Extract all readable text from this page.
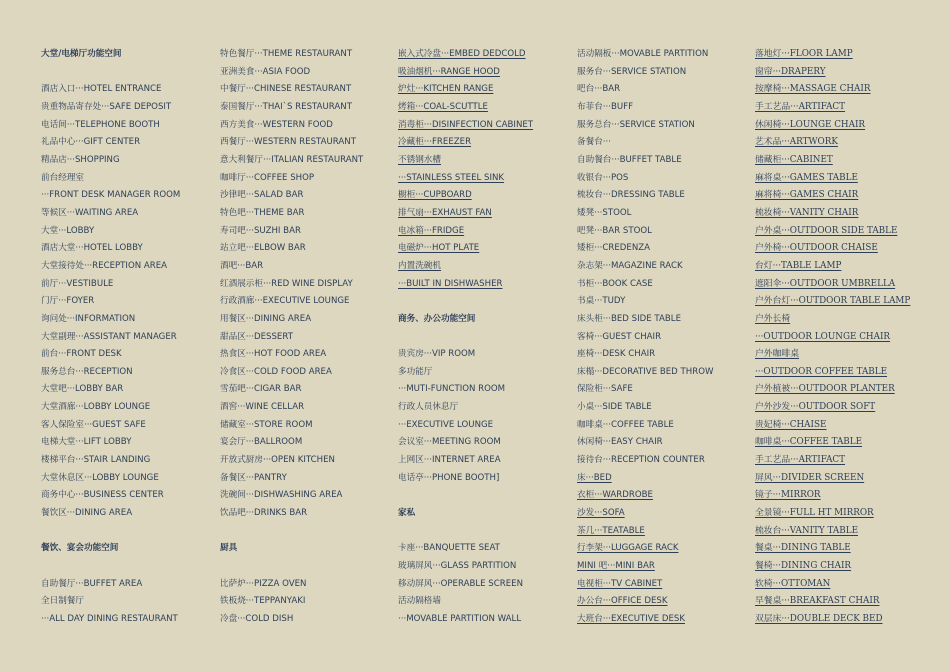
大堂/电梯厅功能空间
酒店入口···HOTEL ENTRANCE
贵重物品寄存处···SAFE DEPOSIT
电话间···TELEPHONE BOOTH
礼品中心···GIFT CENTER
精品店···SHOPPING
前台经理室
···FRONT DESK MANAGER ROOM
等候区···WAITING AREA
大堂···LOBBY
酒店大堂···HOTEL LOBBY
大堂接待处···RECEPTION AREA
前厅···VESTIBULE
门厅···FOYER
询问处···INFORMATION
大堂副理···ASSISTANT MANAGER
前台···FRONT DESK
服务总台···RECEPTION
大堂吧···LOBBY BAR
大堂酒廊···LOBBY LOUNGE
客人保险室···GUEST SAFE
电梯大堂···LIFT LOBBY
楼梯平台···STAIR LANDING
大堂休息区···LOBBY LOUNGE
商务中心···BUSINESS CENTER
餐饮区···DINING AREA
餐饮、宴会功能空间
自助餐厅···BUFFET AREA
全日制餐厅
···ALL DAY DINING RESTAURANT
特色餐厅···THEME RESTAURANT
亚洲美食···ASIA FOOD
中餐厅···CHINESE RESTAURANT
泰国餐厅···THAI`S RESTAURANT
西方美食···WESTERN FOOD
西餐厅···WESTERN RESTAURANT
意大利餐厅···ITALIAN RESTAURANT
咖啡厅···COFFEE SHOP
沙律吧···SALAD BAR
特色吧···THEME BAR
寿司吧···SUZHI BAR
站立吧···ELBOW BAR
酒吧···BAR
红酒展示柜···RED WINE DISPLAY
行政酒廊···EXECUTIVE LOUNGE
用餐区···DINING AREA
甜品区···DESSERT
热食区···HOT FOOD AREA
冷食区···COLD FOOD AREA
雪茄吧···CIGAR BAR
酒窖···WINE CELLAR
储藏室···STORE ROOM
宴会厅···BALLROOM
开放式厨房···OPEN KITCHEN
备餐区···PANTRY
洗碗间···DISHWASHING AREA
饮品吧···DRINKS BAR
厨具
比萨炉···PIZZA OVEN
铁板烧···TEPPANYAKI
冷盘···COLD DISH
嵌入式冷盘···EMBED DEDCOLD
吸油烟机···RANGE HOOD
炉灶···KITCHEN RANGE
烤箱···COAL-SCUTTLE
消毒柜···DISINFECTION CABINET
冷藏柜···FREEZER
不锈钢水槽
···STAINLESS STEEL SINK
橱柜···CUPBOARD
排气扇···EXHAUST FAN
电冰箱···FRIDGE
电磁炉···HOT PLATE
内置洗碗机
···BUILT IN DISHWASHER
商务、办公功能空间
贵宾房···VIP ROOM
多功能厅
···MUTI-FUNCTION ROOM
行政人员休息厅
···EXECUTIVE LOUNGE
会议室···MEETING ROOM
上网区···INTERNET AREA
电话亭···PHONE BOOTH]
家私
卡座···BANQUETTE SEAT
玻璃屏风···GLASS PARTITION
移动屏风···OPERABLE SCREEN
活动隔格墙
···MOVABLE PARTITION WALL
活动隔板···MOVABLE PARTITION
服务台···SERVICE STATION
吧台···BAR
布菲台···BUFF
服务总台···SERVICE STATION
备餐台···
自助餐台···BUFFET TABLE
收银台···POS
梳妆台···DRESSING TABLE
矮凳···STOOL
吧凳···BAR STOOL
矮柜···CREDENZA
杂志架···MAGAZINE RACK
书柜···BOOK CASE
书桌···TUDY
床头柜···BED SIDE TABLE
客椅···GUEST CHAIR
座椅···DESK CHAIR
床榻···DECORATIVE BED THROW
保险柜···SAFE
小桌···SIDE TABLE
咖啡桌···COFFEE TABLE
休闲椅···EASY CHAIR
接待台···RECEPTION COUNTER
床···BED
衣柜···WARDROBE
沙发···SOFA
茶几···TEATABLE
行李架···LUGGAGE RACK
MINI 吧···MINI BAR
电视柜···TV CABINET
办公台···OFFICE DESK
大班台···EXECUTIVE DESK
落地灯···FLOOR LAMP
窗帘···DRAPERY
按摩椅···MASSAGE CHAIR
手工艺品···ARTIFACT
休闲椅···LOUNGE CHAIR
艺术品···ARTWORK
储藏柜···CABINET
麻将桌···GAMES TABLE
麻将椅···GAMES CHAIR
梳妆椅···VANITY CHAIR
户外桌···OUTDOOR SIDE TABLE
户外椅···OUTDOOR CHAISE
台灯···TABLE LAMP
遮阳伞···OUTDOOR UMBRELLA
户外台灯···OUTDOOR TABLE LAMP
户外长椅
···OUTDOOR LOUNGE CHAIR
户外咖啡桌
···OUTDOOR COFFEE TABLE
户外植被···OUTDOOR PLANTER
户外沙发···OUTDOOR SOFT
贵妃椅···CHAISE
咖啡桌···COFFEE TABLE
手工艺品···ARTIFACT
屏风···DIVIDER SCREEN
镜子···MIRROR
全景镜···FULL HT MIRROR
梳妆台···VANITY TABLE
餐桌···DINING TABLE
餐椅···DINING CHAIR
软椅···OTTOMAN
早餐桌···BREAKFAST CHAIR
双层床···DOUBLE DECK BED
